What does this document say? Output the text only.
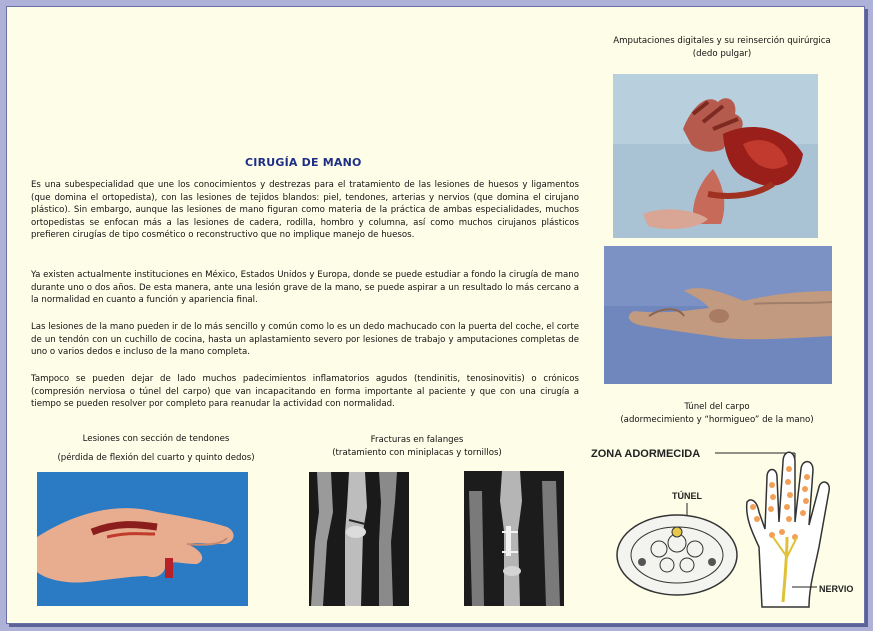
CIRUGÍA DE MANO
Es una subespecialidad que une los conocimientos y destrezas para el tratamiento de las lesiones de huesos y ligamentos (que domina el ortopedista), con las lesiones de tejidos blandos: piel, tendones, arterias y nervios (que domina el cirujano plástico). Sin embargo, aunque las lesiones de mano figuran como materia de la práctica de ambas especialidades, muchos ortopedistas se enfocan más a las lesiones de cadera, rodilla, hombro y columna, así como muchos cirujanos plásticos prefieren cirugías de tipo cosmético o reconstructivo que no implique manejo de huesos.
Ya existen actualmente instituciones en México, Estados Unidos y Europa, donde se puede estudiar a fondo la cirugía de mano durante uno o dos años. De esta manera, ante una lesión grave de la mano, se puede aspirar a un resultado lo más cercano a la normalidad en cuanto a función y apariencia final.
Las lesiones de la mano pueden ir de lo más sencillo y común como lo es un dedo machucado con la puerta del coche, el corte de un tendón con un cuchillo de cocina, hasta un aplastamiento severo por lesiones de trabajo y amputaciones completas de uno o varios dedos e incluso de la mano completa.
Tampoco se pueden dejar de lado muchos padecimientos inflamatorios agudos (tendinitis, tenosinovitis) o crónicos (compresión nerviosa o túnel del carpo) que van incapacitando en forma importante al paciente y que con una cirugía a tiempo se pueden resolver por completo para reanudar la actividad con normalidad.
Amputaciones digitales y su reinserción quirúrgica
(dedo pulgar)
Túnel del carpo
(adormecimiento y “hormigueo” de la mano)
ZONA ADORMECIDA
TÚNEL
NERVIO
Lesiones con sección de tendones
(pérdida de flexión del cuarto y quinto dedos)
Fracturas en falanges
(tratamiento con miniplacas y tornillos)
